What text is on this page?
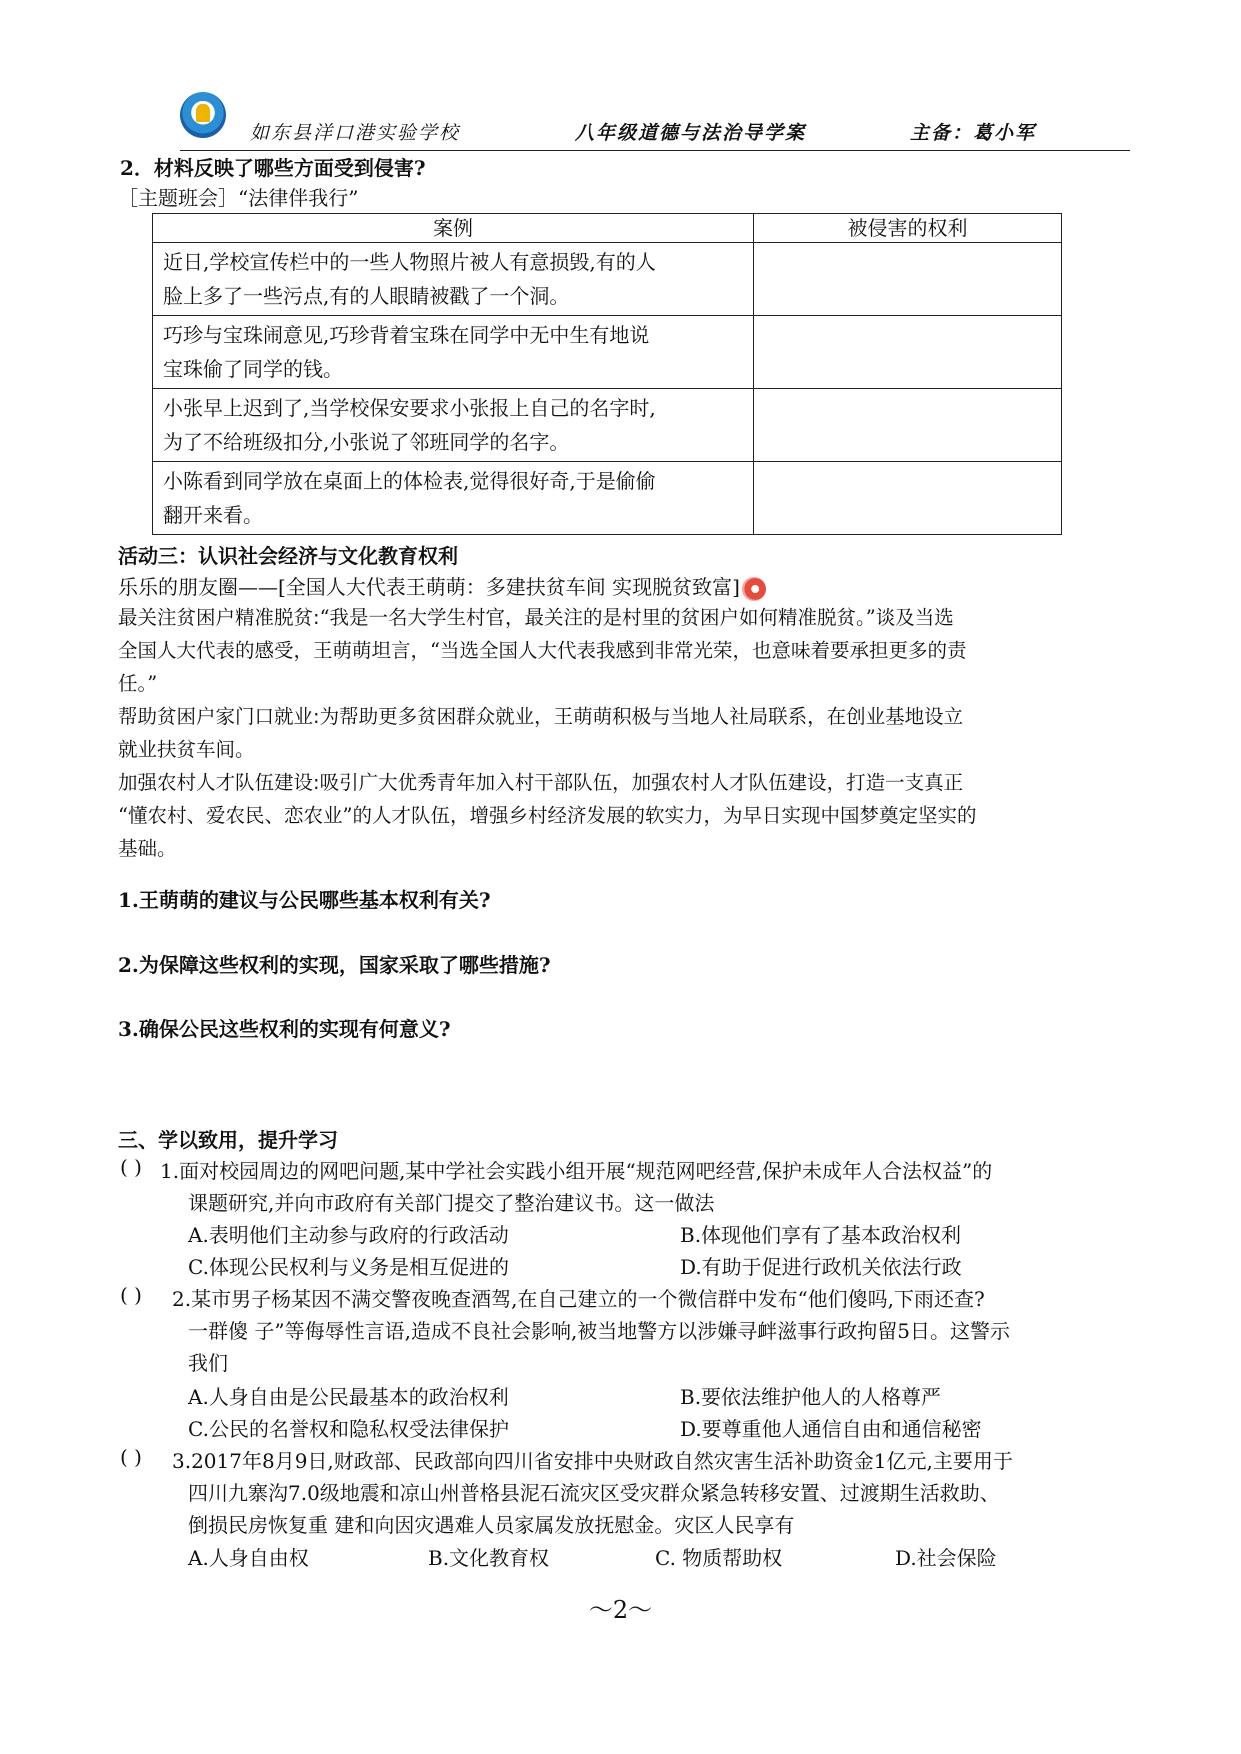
如东县洋口港实验学校	八年级道德与法治导学案	主备：葛小军
2．材料反映了哪些方面受到侵害?
［主题班会］“法律伴我行”
案例	被侵害的权利

近日,学校宣传栏中的一些人物照片被人有意损毁,有的人
脸上多了一些污点,有的人眼睛被戳了一个洞。	

巧珍与宝珠闹意见,巧珍背着宝珠在同学中无中生有地说
宝珠偷了同学的钱。	

小张早上迟到了,当学校保安要求小张报上自己的名字时,
为了不给班级扣分,小张说了邻班同学的名字。	

小陈看到同学放在桌面上的体检表,觉得很好奇,于是偷偷
翻开来看。	

活动三：认识社会经济与文化教育权利
乐乐的朋友圈——[全国人大代表王萌萌：多建扶贫车间 实现脱贫致富]
最关注贫困户精准脱贫:“我是一名大学生村官，最关注的是村里的贫困户如何精准脱贫。”谈及当选
全国人大代表的感受，王萌萌坦言，“当选全国人大代表我感到非常光荣，也意味着要承担更多的责
任。”
帮助贫困户家门口就业:为帮助更多贫困群众就业，王萌萌积极与当地人社局联系，在创业基地设立
就业扶贫车间。
加强农村人才队伍建设:吸引广大优秀青年加入村干部队伍，加强农村人才队伍建设，打造一支真正
“懂农村、爱农民、恋农业”的人才队伍，增强乡村经济发展的软实力，为早日实现中国梦奠定坚实的
基础。
1.王萌萌的建议与公民哪些基本权利有关?
2.为保障这些权利的实现，国家采取了哪些措施?
3.确保公民这些权利的实现有何意义?
三、学以致用，提升学习
( ) 1.面对校园周边的网吧问题,某中学社会实践小组开展“规范网吧经营,保护未成年人合法权益”的
课题研究,并向市政府有关部门提交了整治建议书。这一做法
A.表明他们主动参与政府的行政活动	B.体现他们享有了基本政治权利
C.体现公民权利与义务是相互促进的	D.有助于促进行政机关依法行政
( ) 2.某市男子杨某因不满交警夜晚查酒驾,在自己建立的一个微信群中发布“他们傻吗,下雨还查?
一群傻 子”等侮辱性言语,造成不良社会影响,被当地警方以涉嫌寻衅滋事行政拘留5日。这警示
我们
A.人身自由是公民最基本的政治权利	B.要依法维护他人的人格尊严
C.公民的名誉权和隐私权受法律保护	D.要尊重他人通信自由和通信秘密
( ) 3.2017年8月9日,财政部、民政部向四川省安排中央财政自然灾害生活补助资金1亿元,主要用于
四川九寨沟7.0级地震和凉山州普格县泥石流灾区受灾群众紧急转移安置、过渡期生活救助、
倒损民房恢复重 建和向因灾遇难人员家属发放抚慰金。灾区人民享有
A.人身自由权	B.文化教育权	C. 物质帮助权	D.社会保险
～2～
